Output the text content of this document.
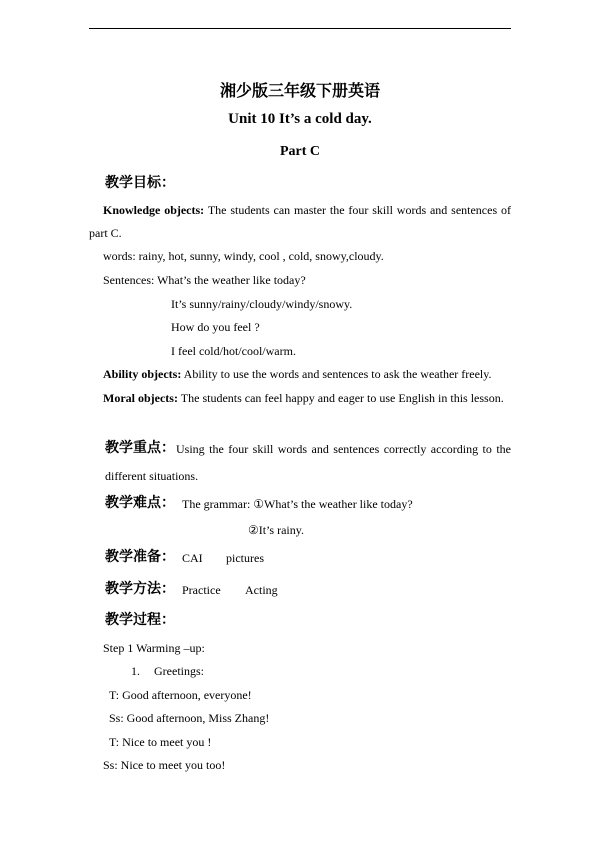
湘少版三年级下册英语
Unit 10 It’s a cold day.
Part C
教学目标：
Knowledge objects: The students can master the four skill words and sentences of
part C.
words: rainy, hot, sunny, windy, cool , cold, snowy,cloudy.
Sentences: What’s the weather like today?
It’s sunny/rainy/cloudy/windy/snowy.
How do you feel ?
I feel cold/hot/cool/warm.
Ability objects: Ability to use the words and sentences to ask the weather freely.
Moral objects: The students can feel happy and eager to use English in this lesson.
教学重点： Using the four skill words and sentences correctly according to the
different situations.
教学难点： The grammar: ①What’s the weather like today?
②It’s rainy.
教学准备： CAI pictures
教学方法： Practice Acting
教学过程：
Step 1 Warming –up:
1. Greetings:
T: Good afternoon, everyone!
Ss: Good afternoon, Miss Zhang!
T: Nice to meet you !
Ss: Nice to meet you too!
